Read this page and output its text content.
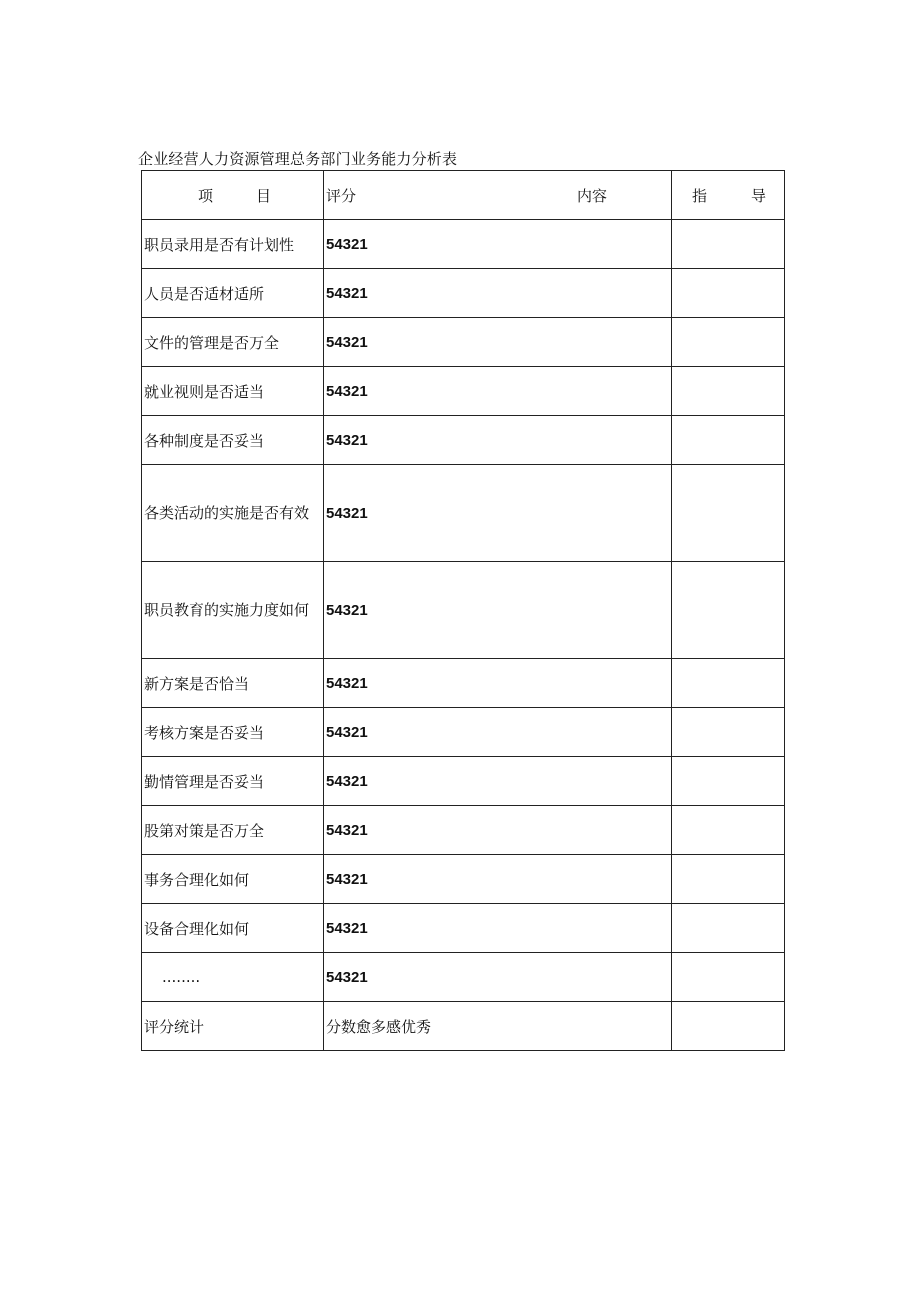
企业经营人力资源管理总务部门业务能力分析表
项 目	评分 内容	指 导

职员录用是否有计划性	54321	
人员是否适材适所	54321	
文件的管理是否万全	54321	
就业视则是否适当	54321	
各种制度是否妥当	54321	
各类活动的实施是否有效	54321	
职员教育的实施力度如何	54321	
新方案是否恰当	54321	
考核方案是否妥当	54321	
勤情管理是否妥当	54321	
股第对策是否万全	54321	
事务合理化如何	54321	
设备合理化如何	54321	
........	54321	
评分统计	分数愈多感优秀	
